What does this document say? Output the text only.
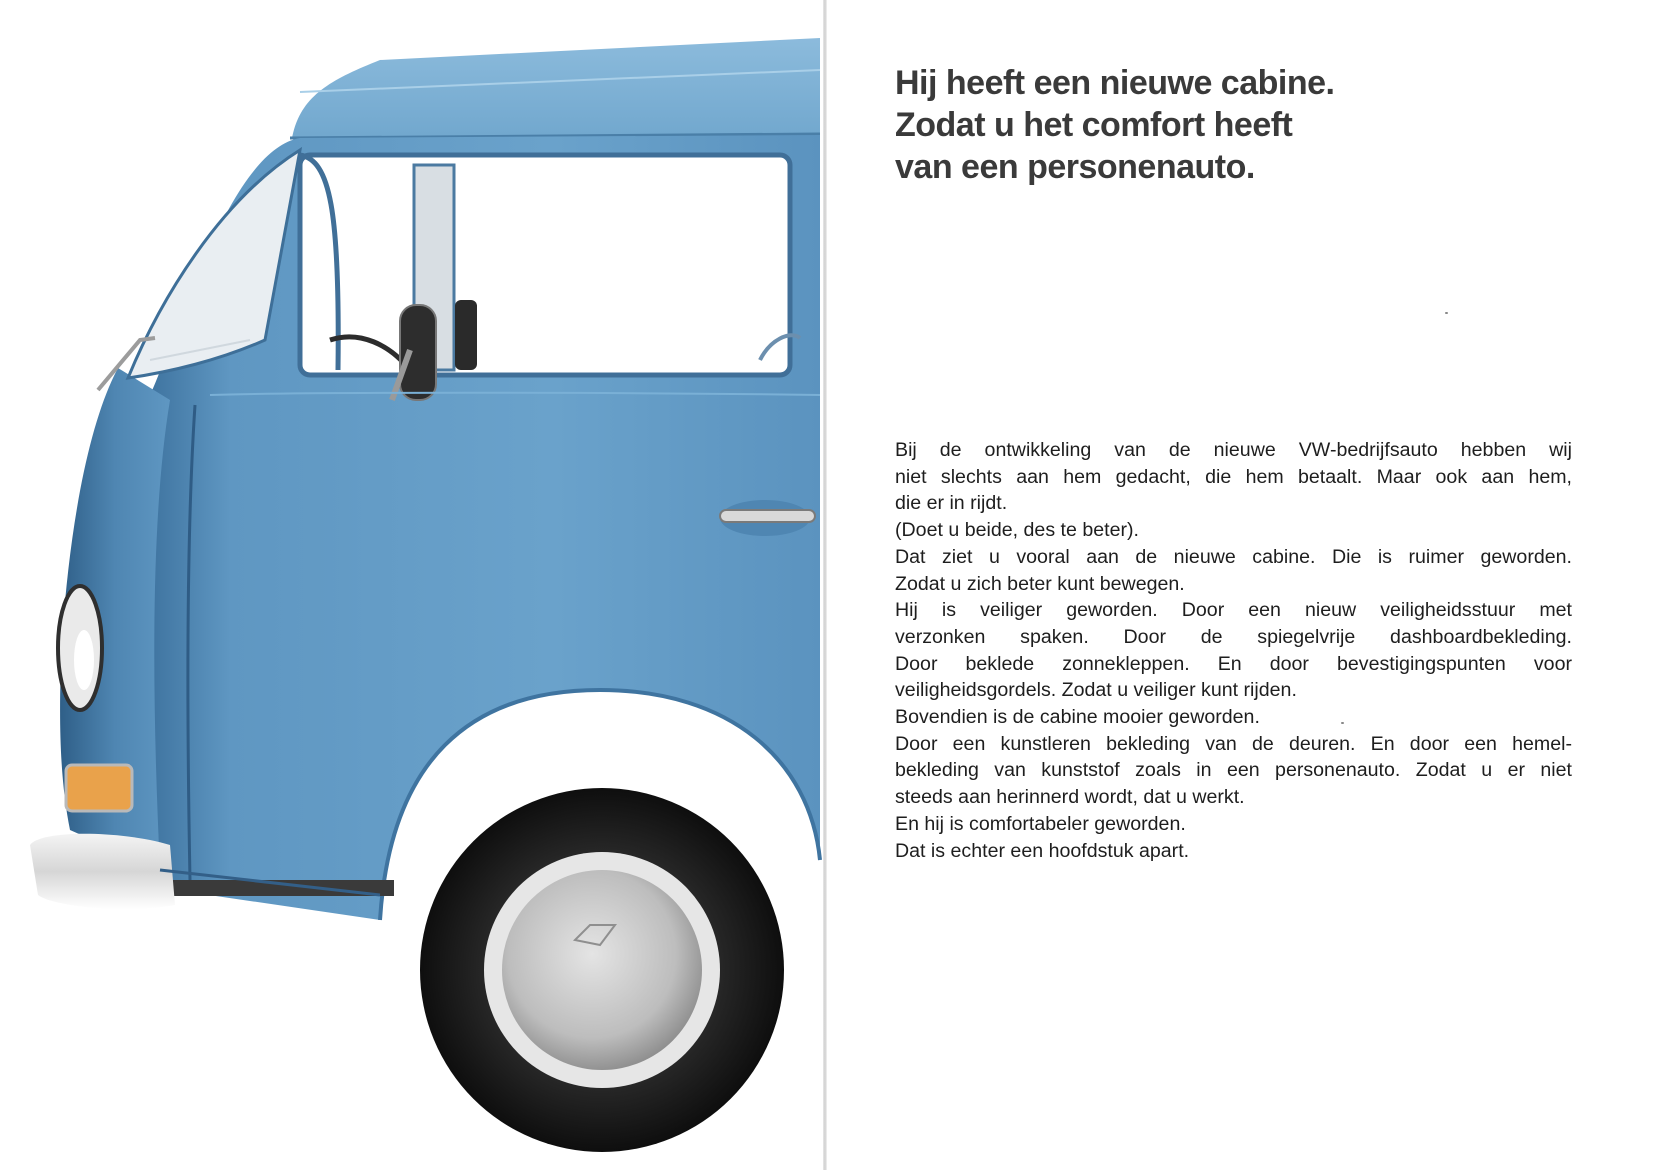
Hij heeft een nieuwe cabine.
Zodat u het comfort heeft
van een personenauto.
Bij de ontwikkeling van de nieuwe VW-bedrijfsauto hebben wij
niet slechts aan hem gedacht, die hem betaalt. Maar ook aan hem,
die er in rijdt.
(Doet u beide, des te beter).
Dat ziet u vooral aan de nieuwe cabine. Die is ruimer geworden.
Zodat u zich beter kunt bewegen.
Hij is veiliger geworden. Door een nieuw veiligheidsstuur met
verzonken spaken. Door de spiegelvrije dashboardbekleding.
Door beklede zonnekleppen. En door bevestigingspunten voor
veiligheidsgordels. Zodat u veiliger kunt rijden.
Bovendien is de cabine mooier geworden.
Door een kunstleren bekleding van de deuren. En door een hemel-
bekleding van kunststof zoals in een personenauto. Zodat u er niet
steeds aan herinnerd wordt, dat u werkt.
En hij is comfortabeler geworden.
Dat is echter een hoofdstuk apart.
